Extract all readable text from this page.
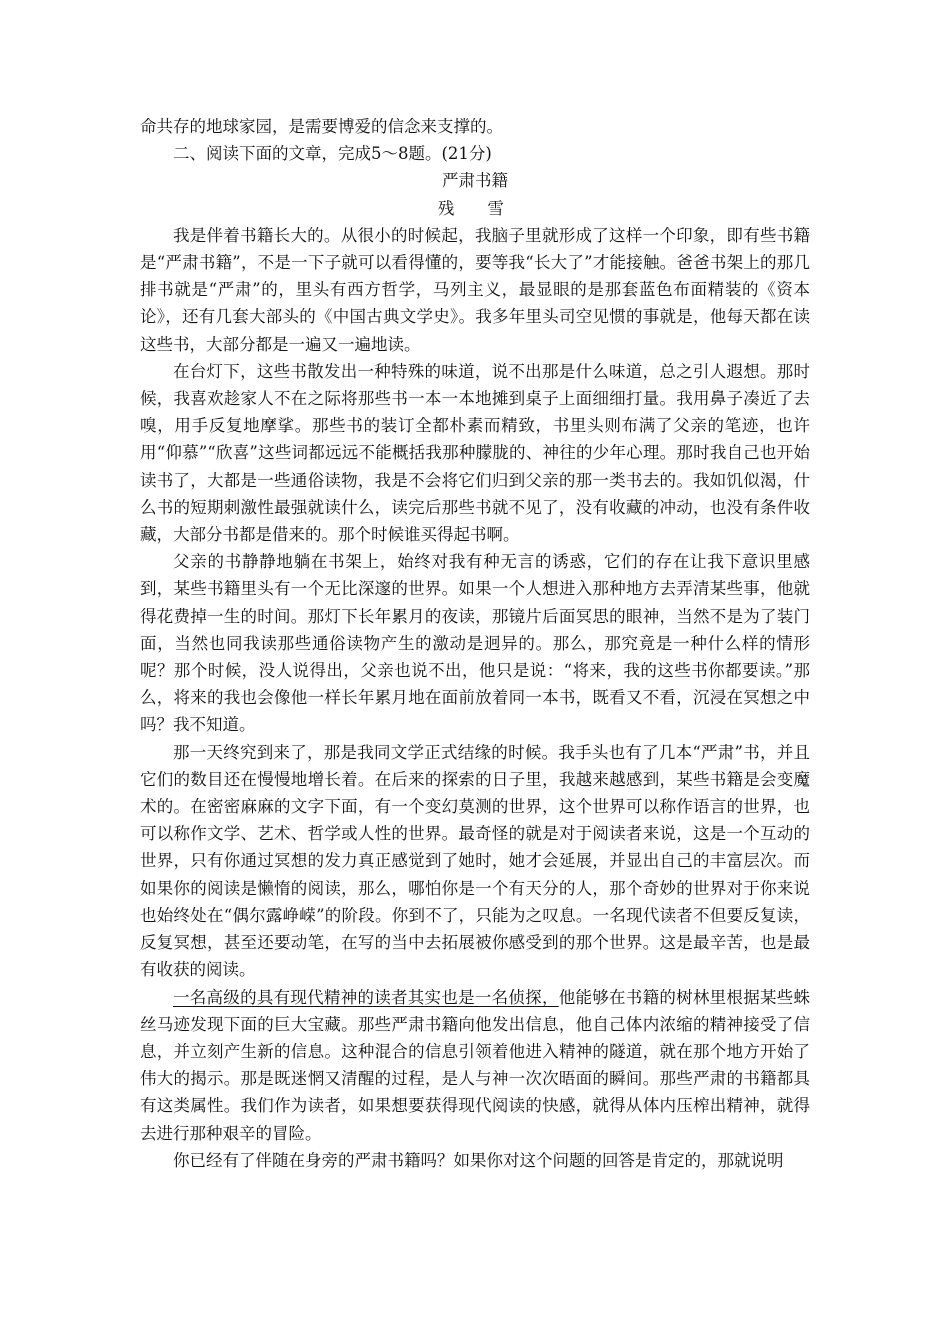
命共存的地球家园，是需要博爱的信念来支撑的。

二、阅读下面的文章，完成5～8题。(21分)

严肃书籍

残　雪

我是伴着书籍长大的。从很小的时候起，我脑子里就形成了这样一个印象，即有些书籍是“严肃书籍”，不是一下子就可以看得懂的，要等我“长大了”才能接触。爸爸书架上的那几排书就是“严肃”的，里头有西方哲学，马列主义，最显眼的是那套蓝色布面精装的《资本论》，还有几套大部头的《中国古典文学史》。我多年里头司空见惯的事就是，他每天都在读这些书，大部分都是一遍又一遍地读。

在台灯下，这些书散发出一种特殊的味道，说不出那是什么味道，总之引人遐想。那时候，我喜欢趁家人不在之际将那些书一本一本地摊到桌子上面细细打量。我用鼻子凑近了去嗅，用手反复地摩挲。那些书的装订全都朴素而精致，书里头则布满了父亲的笔迹，也许用“仰慕”“欣喜”这些词都远远不能概括我那种朦胧的、神往的少年心理。那时我自己也开始读书了，大都是一些通俗读物，我是不会将它们归到父亲的那一类书去的。我如饥似渴，什么书的短期刺激性最强就读什么，读完后那些书就不见了，没有收藏的冲动，也没有条件收藏，大部分书都是借来的。那个时候谁买得起书啊。

父亲的书静静地躺在书架上，始终对我有种无言的诱惑，它们的存在让我下意识里感到，某些书籍里头有一个无比深邃的世界。如果一个人想进入那种地方去弄清某些事，他就得花费掉一生的时间。那灯下长年累月的夜读，那镜片后面冥思的眼神，当然不是为了装门面，当然也同我读那些通俗读物产生的激动是迥异的。那么，那究竟是一种什么样的情形呢？那个时候，没人说得出，父亲也说不出，他只是说：“将来，我的这些书你都要读。”那么，将来的我也会像他一样长年累月地在面前放着同一本书，既看又不看，沉浸在冥想之中吗？我不知道。

那一天终究到来了，那是我同文学正式结缘的时候。我手头也有了几本“严肃”书，并且它们的数目还在慢慢地增长着。在后来的探索的日子里，我越来越感到，某些书籍是会变魔术的。在密密麻麻的文字下面，有一个变幻莫测的世界，这个世界可以称作语言的世界，也可以称作文学、艺术、哲学或人性的世界。最奇怪的就是对于阅读者来说，这是一个互动的世界，只有你通过冥想的发力真正感觉到了她时，她才会延展，并显出自己的丰富层次。而如果你的阅读是懒惰的阅读，那么，哪怕你是一个有天分的人，那个奇妙的世界对于你来说也始终处在“偶尔露峥嵘”的阶段。你到不了，只能为之叹息。一名现代读者不但要反复读，反复冥想，甚至还要动笔，在写的当中去拓展被你感受到的那个世界。这是最辛苦，也是最有收获的阅读。

一名高级的具有现代精神的读者其实也是一名侦探，他能够在书籍的树林里根据某些蛛丝马迹发现下面的巨大宝藏。那些严肃书籍向他发出信息，他自己体内浓缩的精神接受了信息，并立刻产生新的信息。这种混合的信息引领着他进入精神的隧道，就在那个地方开始了伟大的揭示。那是既迷惘又清醒的过程，是人与神一次次晤面的瞬间。那些严肃的书籍都具有这类属性。我们作为读者，如果想要获得现代阅读的快感，就得从体内压榨出精神，就得去进行那种艰辛的冒险。

你已经有了伴随在身旁的严肃书籍吗？如果你对这个问题的回答是肯定的，那就说明
